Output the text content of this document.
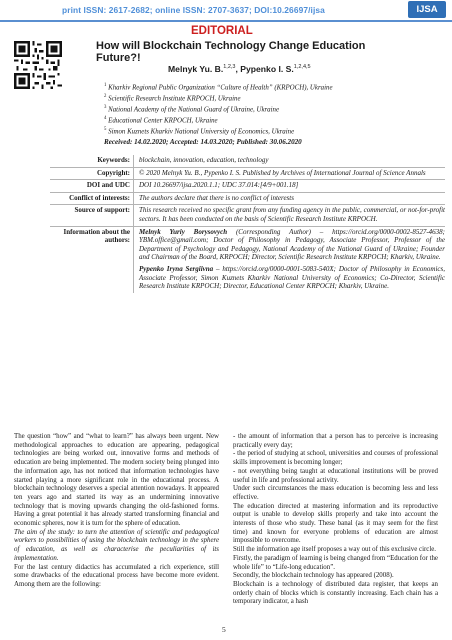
print ISSN: 2617-2682; online ISSN: 2707-3637; DOI:10.26697/ijsa	IJSA
EDITORIAL
How will Blockchain Technology Change Education Future?!
Melnyk Yu. B.$^{1,2,3}$, Pypenko I. S.$^{1,2,4,5}$
$^1$ Kharkiv Regional Public Organization “Culture of Health” (KRPOCH), Ukraine
$^2$ Scientific Research Institute KRPOCH, Ukraine
$^3$ National Academy of the National Guard of Ukraine, Ukraine
$^4$ Educational Center KRPOCH, Ukraine
$^5$ Simon Kuznets Kharkiv National University of Economics, Ukraine
Received: 14.02.2020; Accepted: 14.03.2020; Published: 30.06.2020
Keywords:	blockchain, innovation, education, technology
Copyright:	© 2020 Melnyk Yu. B., Pypenko I. S. Published by Archives of International Journal of Science Annals
DOI and UDC	DOI 10.26697/ijsa.2020.1.1; UDC 37.014:[4/9+001.18]
Conflict of interests:	The authors declare that there is no conflict of interests
Source of support:	This research received no specific grant from any funding agency in the public, commercial, or not-for-profit sectors. It has been conducted on the basis of Scientific Research Institute KRPOCH.
Information about the authors:
Melnyk Yuriy Borysovych (Corresponding Author) – https://orcid.org/0000-0002-8527-4638; YBM.office@gmail.com; Doctor of Philosophy in Pedagogy, Associate Professor, Professor of the Department of Psychology and Pedagogy, National Academy of the National Guard of Ukraine; Founder and Chairman of the Board, KRPOCH; Director, Scientific Research Institute KRPOCH; Kharkiv, Ukraine.
Pypenko Iryna Sergiivna – https://orcid.org/0000-0001-5083-540X; Doctor of Philosophy in Economics, Associate Professor, Simon Kuznets Kharkiv National University of Economics; Co-Director, Scientific Research Institute KRPOCH; Director, Educational Center KRPOCH; Kharkiv, Ukraine.

The question “how” and “what to learn?” has always been urgent. New methodological approaches to education are appearing, pedagogical technologies are being worked out, innovative forms and methods of education are being implemented. The modern society being plunged into the information age, has not noticed that information technologies have started playing a more significant role in the educational process. A blockchain technology deserves a special attention nowadays. It appeared ten years ago and started its way as an undermining innovative technology that is moving upwards changing the old-fashioned forms. Having a great potential it has already started transforming financial and economic spheres, now it is turn for the sphere of education.

The aim of the study: to turn the attention of scientific and pedagogical workers to possibilities of using the blockchain technology in the sphere of education, as well as characterise the peculiarities of its implementation.

For the last century didactics has accumulated a rich experience, still some drawbacks of the educational process have become more evident. Among them are the following:

- the amount of information that a person has to perceive is increasing practically every day;

- the period of studying at school, universities and courses of professional skills improvement is becoming longer;

- not everything being taught at educational institutions will be proved useful in life and professional activity.

Under such circumstances the mass education is becoming less and less effective.

The education directed at mastering information and its reproductive output is unable to develop skills properly and take into account the interests of those who study. These banal (as it may seem for the first time) and known for everyone problems of education are almost impossible to overcome.

Still the information age itself proposes a way out of this exclusive circle.

Firstly, the paradigm of learning is being changed from “Education for the whole life” to “Life-long education”.

Secondly, the blockchain technology has appeared (2008).

Blockchain is a technology of distributed data register, that keeps an orderly chain of blocks which is constantly increasing. Each chain has a temporary indicator, a hash

5
